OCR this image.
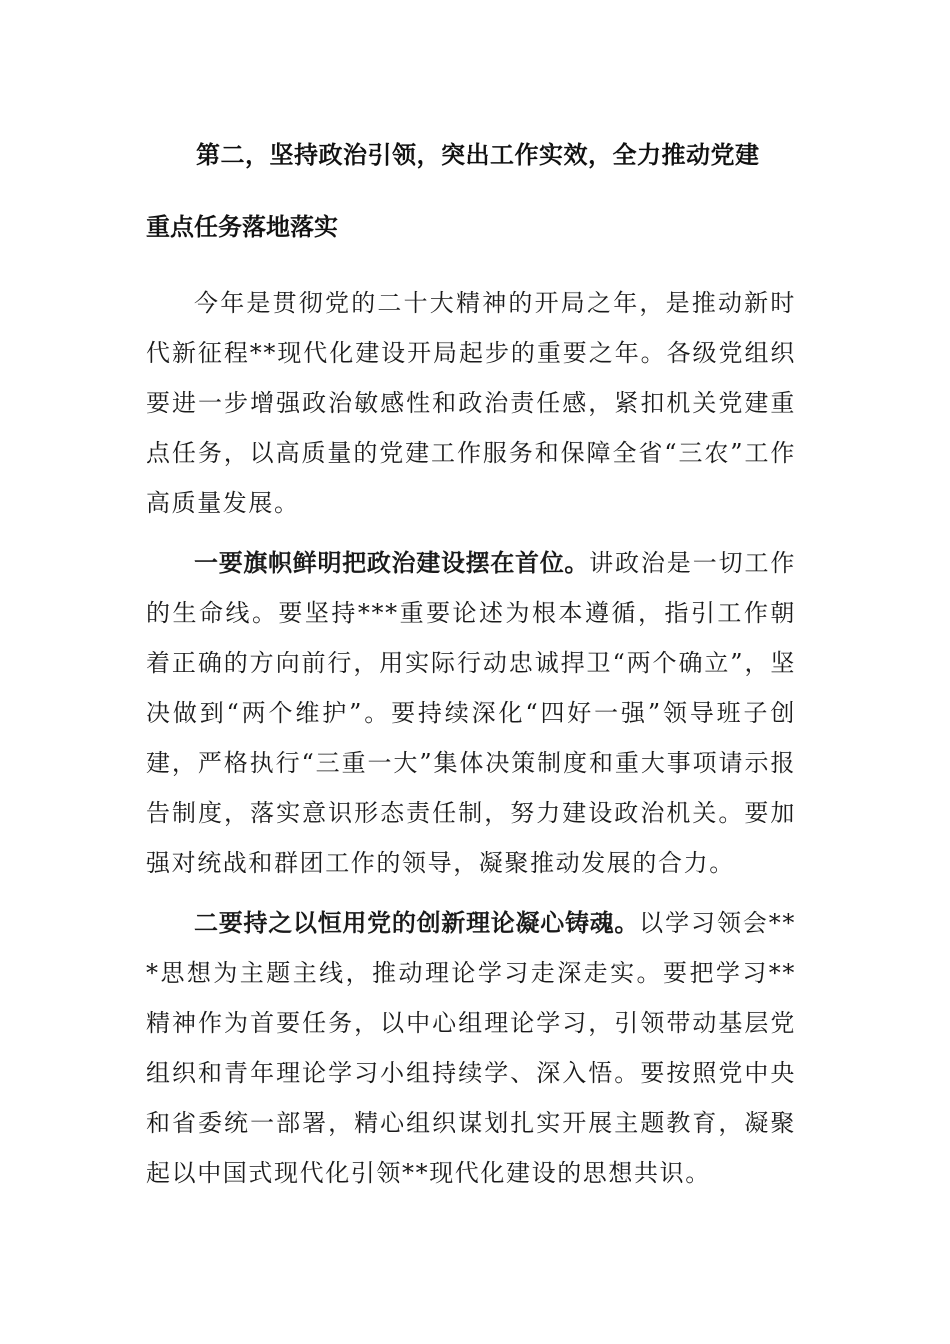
第二，坚持政治引领，突出工作实效，全力推动党建
重点任务落地落实

今年是贯彻党的二十大精神的开局之年，是推动新时代新征程**现代化建设开局起步的重要之年。各级党组织要进一步增强政治敏感性和政治责任感，紧扣机关党建重点任务，以高质量的党建工作服务和保障全省“三农”工作高质量发展。

一要旗帜鲜明把政治建设摆在首位。讲政治是一切工作的生命线。要坚持***重要论述为根本遵循，指引工作朝着正确的方向前行，用实际行动忠诚捍卫“两个确立”，坚决做到“两个维护”。要持续深化“四好一强”领导班子创建，严格执行“三重一大”集体决策制度和重大事项请示报告制度，落实意识形态责任制，努力建设政治机关。要加强对统战和群团工作的领导，凝聚推动发展的合力。

二要持之以恒用党的创新理论凝心铸魂。以学习领会***思想为主题主线，推动理论学习走深走实。要把学习**精神作为首要任务，以中心组理论学习，引领带动基层党组织和青年理论学习小组持续学、深入悟。要按照党中央和省委统一部署，精心组织谋划扎实开展主题教育，凝聚起以中国式现代化引领**现代化建设的思想共识。
